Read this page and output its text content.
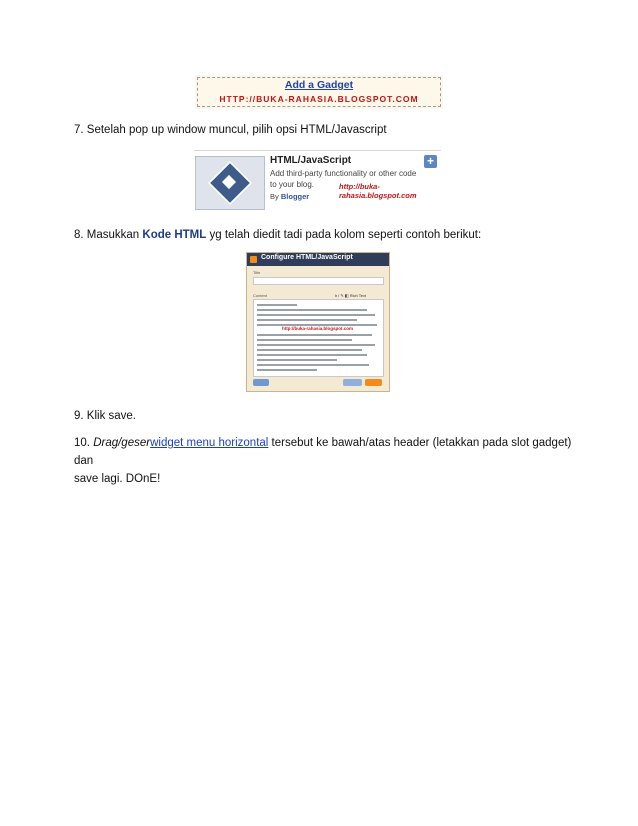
Add a Gadget
HTTP://BUKA-RAHASIA.BLOGSPOT.COM
7. Setelah pop up window muncul, pilih opsi HTML/Javascript
HTML/JavaScript
Add third-party functionality or other code to your blog.	http://buka-rahasia.blogspot.com
By Blogger
+
8. Masukkan Kode HTML yg telah diedit tadi pada kolom seperti contoh berikut:
Configure HTML/JavaScript
Title
Content	b i ✎ ◧ Rich Text
http://buka-rahasia.blogspot.com
9. Klik save.
10. Drag/geserwidget menu horizontal tersebut ke bawah/atas header (letakkan pada slot gadget) dan
save lagi. DOnE!
